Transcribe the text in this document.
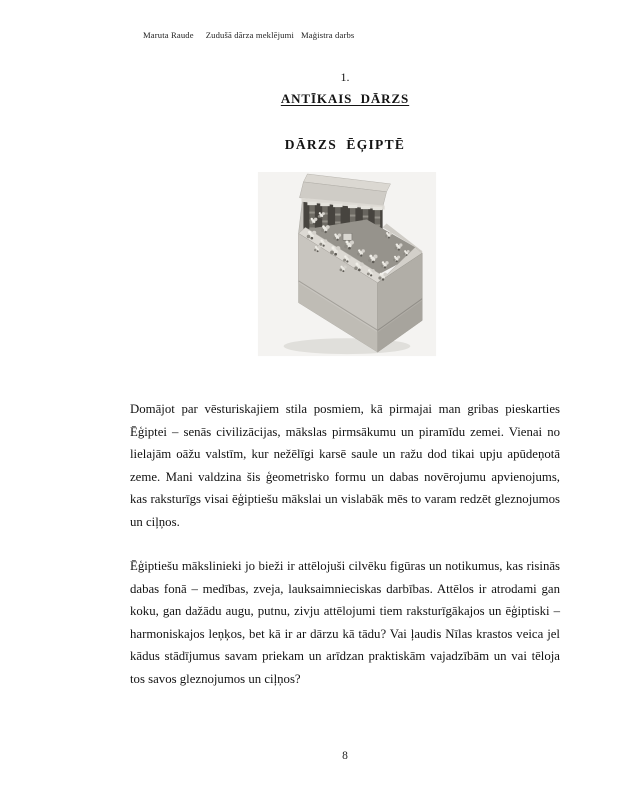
Maruta Raude Zudušā dārza meklējumi Maģistra darbs
1.
ANTĪKAIS  DĀRZS
DĀRZS  ĒĢIPTĒ

Domājot par vēsturiskajiem stila posmiem, kā pirmajai man gribas pieskarties Ēģiptei – senās civilizācijas, mākslas pirmsākumu un piramīdu zemei. Vienai no lielajām oāžu valstīm, kur nežēlīgi karsē saule un ražu dod tikai upju apūdeņotā zeme. Mani valdzina šis ģeometrisko formu un dabas novērojumu apvienojums, kas raksturīgs visai ēģiptiešu mākslai un vislabāk mēs to varam redzēt gleznojumos un ciļņos.

Ēģiptiešu mākslinieki jo bieži ir attēlojuši cilvēku figūras un notikumus, kas risinās dabas fonā – medības, zveja, lauksaimnieciskas darbības. Attēlos ir atrodami gan koku, gan dažādu augu, putnu, zivju attēlojumi tiem raksturīgākajos un ēģiptiski – harmoniskajos leņķos, bet kā ir ar dārzu kā tādu? Vai ļaudis Nīlas krastos veica jel kādus stādījumus savam priekam un arīdzan praktiskām vajadzībām un vai tēloja tos savos gleznojumos un ciļņos?

8
